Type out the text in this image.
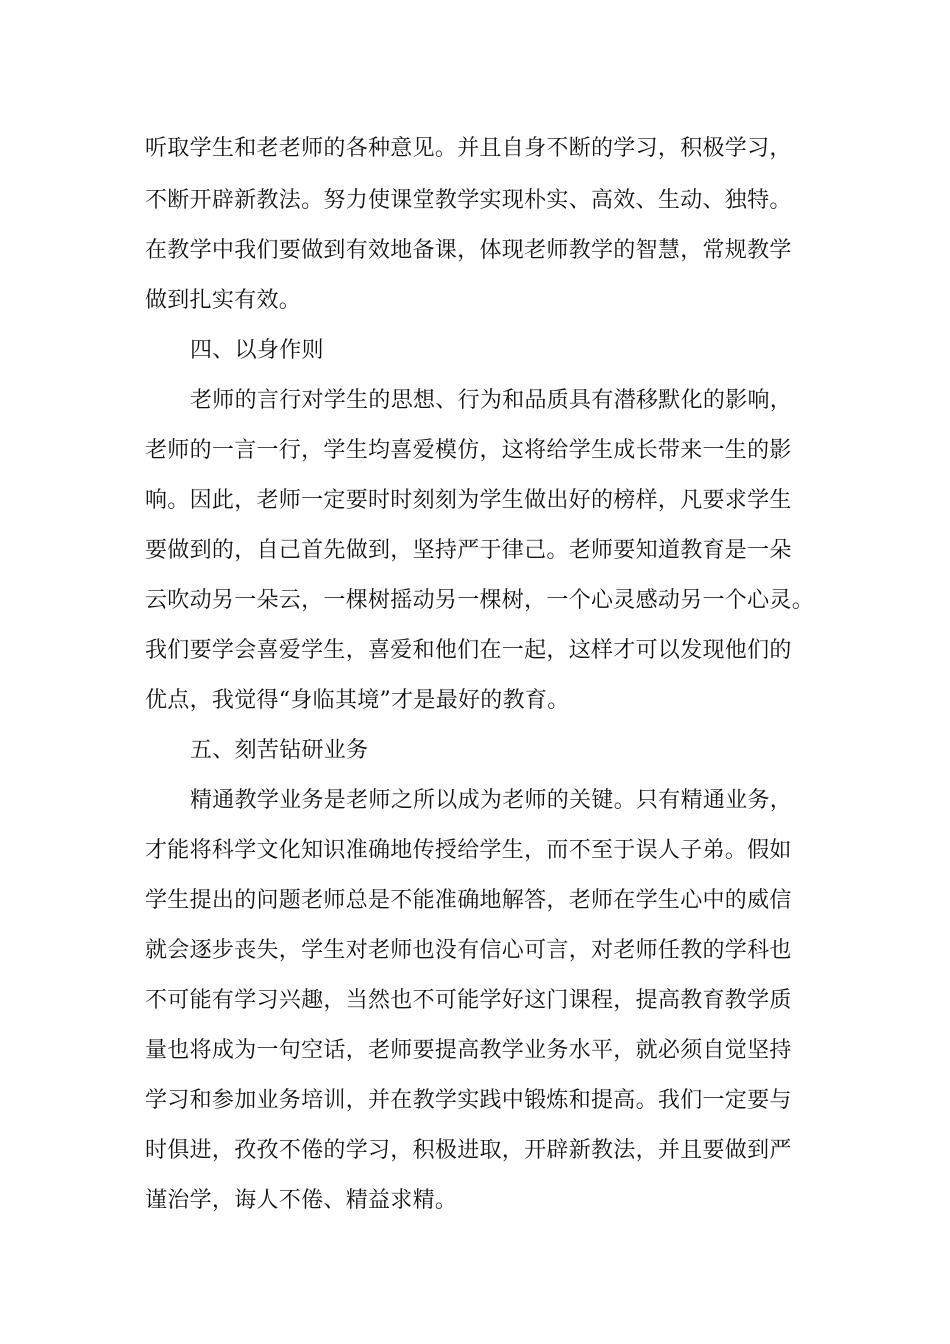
听取学生和老老师的各种意见。并且自身不断的学习，积极学习，
不断开辟新教法。努力使课堂教学实现朴实、高效、生动、独特。
在教学中我们要做到有效地备课，体现老师教学的智慧，常规教学
做到扎实有效。
四、以身作则
老师的言行对学生的思想、行为和品质具有潜移默化的影响，
老师的一言一行，学生均喜爱模仿，这将给学生成长带来一生的影
响。因此，老师一定要时时刻刻为学生做出好的榜样，凡要求学生
要做到的，自己首先做到，坚持严于律己。老师要知道教育是一朵
云吹动另一朵云，一棵树摇动另一棵树，一个心灵感动另一个心灵。
我们要学会喜爱学生，喜爱和他们在一起，这样才可以发现他们的
优点，我觉得“身临其境”才是最好的教育。
五、刻苦钻研业务
精通教学业务是老师之所以成为老师的关键。只有精通业务，
才能将科学文化知识准确地传授给学生，而不至于误人子弟。假如
学生提出的问题老师总是不能准确地解答，老师在学生心中的威信
就会逐步丧失，学生对老师也没有信心可言，对老师任教的学科也
不可能有学习兴趣，当然也不可能学好这门课程，提高教育教学质
量也将成为一句空话，老师要提高教学业务水平，就必须自觉坚持
学习和参加业务培训，并在教学实践中锻炼和提高。我们一定要与
时俱进，孜孜不倦的学习，积极进取，开辟新教法，并且要做到严
谨治学，诲人不倦、精益求精。
